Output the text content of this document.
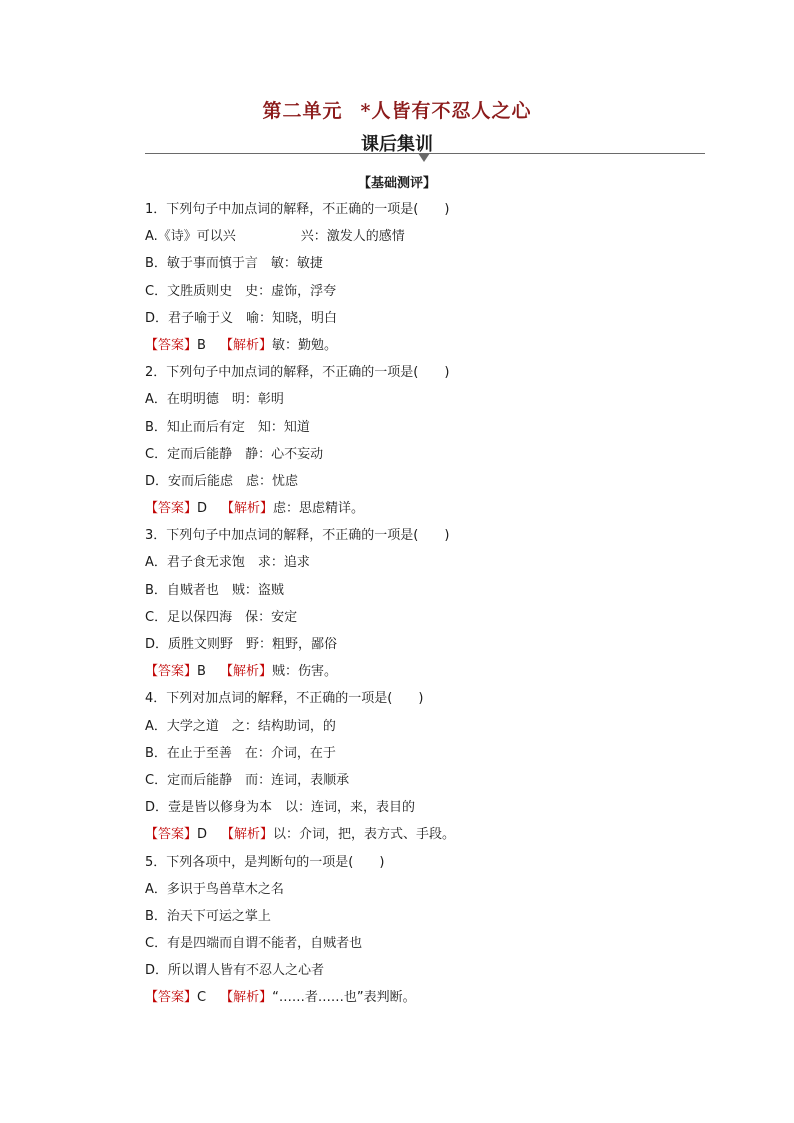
第二单元 *人皆有不忍人之心
课后集训
【基础测评】
1．下列句子中加点词的解释，不正确的一项是(　　)
A.《诗》可以兴　　　　　兴：激发人的感情
B．敏于事而慎于言　敏：敏捷
C．文胜质则史　史：虚饰，浮夸
D．君子喻于义　喻：知晓，明白
【答案】B 【解析】敏：勤勉。
2．下列句子中加点词的解释，不正确的一项是(　　)
A．在明明德　明：彰明
B．知止而后有定　知：知道
C．定而后能静　静：心不妄动
D．安而后能虑　虑：忧虑
【答案】D 【解析】虑：思虑精详。
3．下列句子中加点词的解释，不正确的一项是(　　)
A．君子食无求饱　求：追求
B．自贼者也　贼：盗贼
C．足以保四海　保：安定
D．质胜文则野　野：粗野，鄙俗
【答案】B 【解析】贼：伤害。
4．下列对加点词的解释，不正确的一项是(　　)
A．大学之道　之：结构助词，的
B．在止于至善　在：介词，在于
C．定而后能静　而：连词，表顺承
D．壹是皆以修身为本　以：连词，来，表目的
【答案】D 【解析】以：介词，把，表方式、手段。
5．下列各项中，是判断句的一项是(　　)
A．多识于鸟兽草木之名
B．治天下可运之掌上
C．有是四端而自谓不能者，自贼者也
D．所以谓人皆有不忍人之心者
【答案】C 【解析】“……者……也”表判断。
